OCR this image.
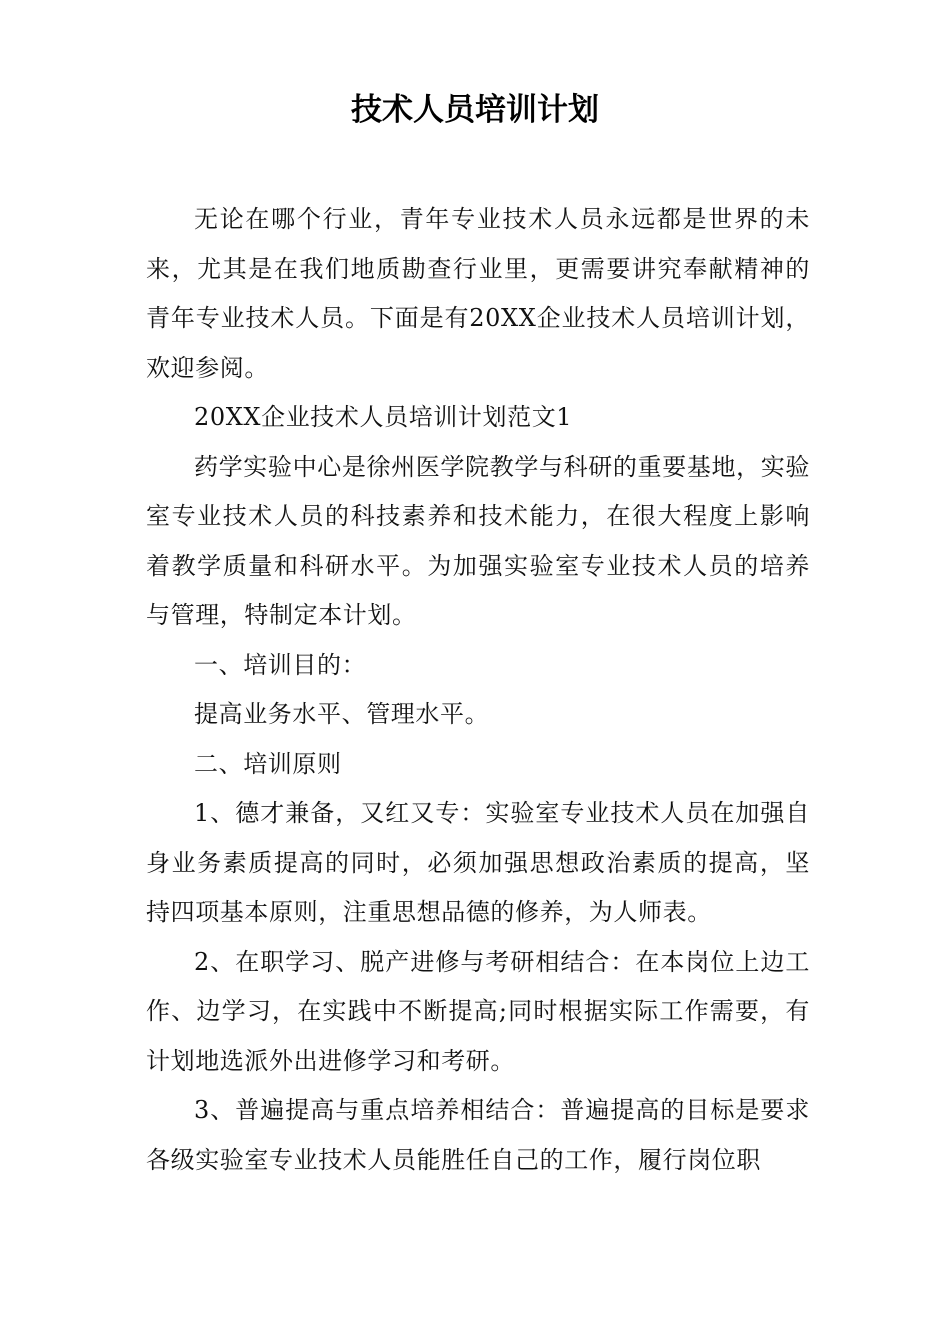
技术人员培训计划

无论在哪个行业，青年专业技术人员永远都是世界的未来，尤其是在我们地质勘查行业里，更需要讲究奉献精神的青年专业技术人员。下面是有20XX企业技术人员培训计划，欢迎参阅。

20XX企业技术人员培训计划范文1

药学实验中心是徐州医学院教学与科研的重要基地，实验室专业技术人员的科技素养和技术能力，在很大程度上影响着教学质量和科研水平。为加强实验室专业技术人员的培养与管理，特制定本计划。

一、培训目的：

提高业务水平、管理水平。

二、培训原则

1、德才兼备，又红又专：实验室专业技术人员在加强自身业务素质提高的同时，必须加强思想政治素质的提高，坚持四项基本原则，注重思想品德的修养，为人师表。

2、在职学习、脱产进修与考研相结合：在本岗位上边工作、边学习，在实践中不断提高;同时根据实际工作需要，有计划地选派外出进修学习和考研。

3、普遍提高与重点培养相结合：普遍提高的目标是要求各级实验室专业技术人员能胜任自己的工作，履行岗位职
